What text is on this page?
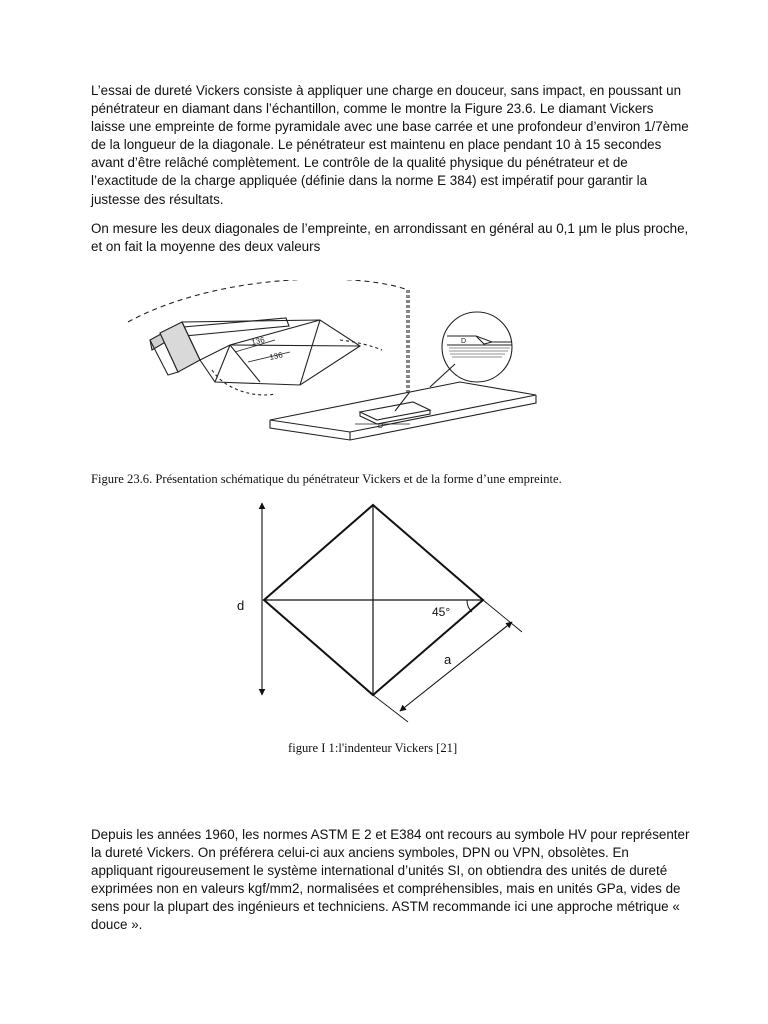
L’essai de dureté Vickers consiste à appliquer une charge en douceur, sans impact, en poussant un pénétrateur en diamant dans l’échantillon, comme le montre la Figure 23.6. Le diamant Vickers laisse une empreinte de forme pyramidale avec une base carrée et une profondeur d’environ 1/7ème de la longueur de la diagonale. Le pénétrateur est maintenu en place pendant 10 à 15 secondes avant d’être relâché complètement. Le contrôle de la qualité physique du pénétrateur et de l’exactitude de la charge appliquée (définie dans la norme E 384) est impératif pour garantir la justesse des résultats.

On mesure les deux diagonales de l’empreinte, en arrondissant en général au 0,1 µm le plus proche, et on fait la moyenne des deux valeurs

136
136
D
D

Figure 23.6. Présentation schématique du pénétrateur Vickers et de la forme d’une empreinte.

d	45°
a

figure I 1:l'indenteur Vickers [21]

Depuis les années 1960, les normes ASTM E 2 et E384 ont recours au symbole HV pour représenter la dureté Vickers. On préférera celui-ci aux anciens symboles, DPN ou VPN, obsolètes. En appliquant rigoureusement le système international d’unités SI, on obtiendra des unités de dureté exprimées non en valeurs kgf/mm2, normalisées et compréhensibles, mais en unités GPa, vides de sens pour la plupart des ingénieurs et techniciens. ASTM recommande ici une approche métrique « douce ».
